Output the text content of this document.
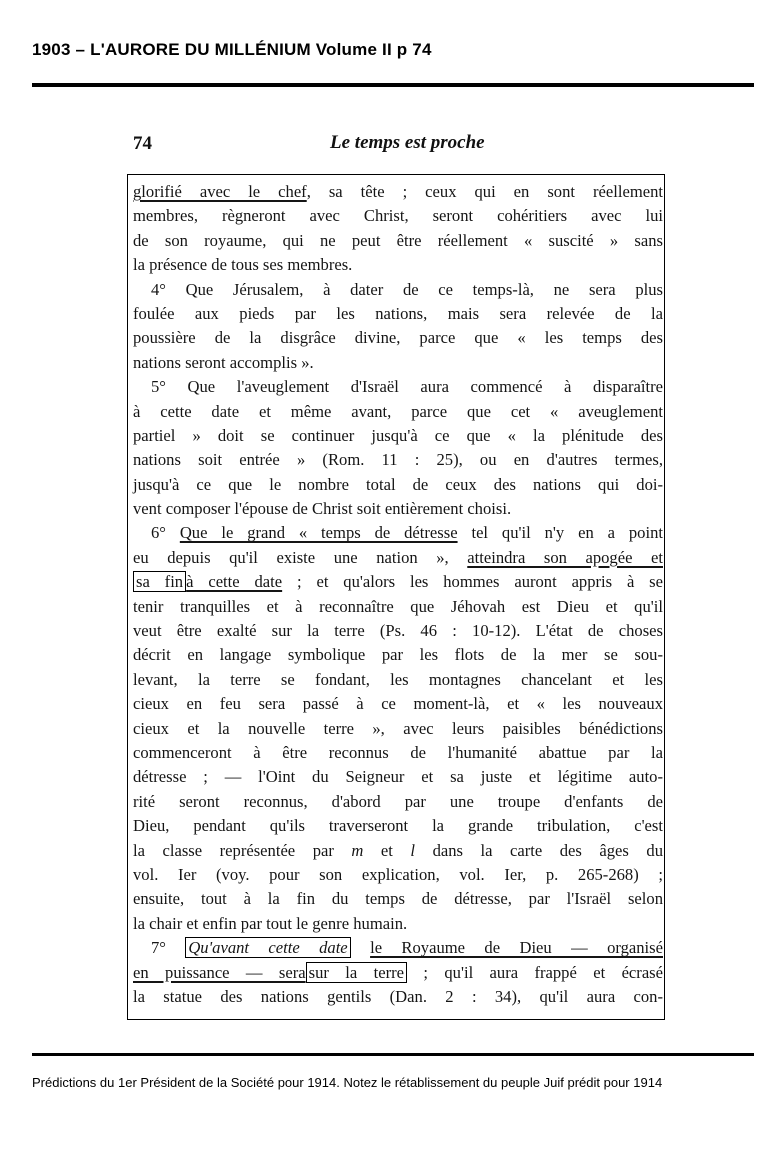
1903 – L'AURORE DU MILLÉNIUM Volume II p 74
74	Le temps est proche
glorifié avec le chef, sa tête ; ceux qui en sont réellement
membres, règneront avec Christ, seront cohéritiers avec lui
de son royaume, qui ne peut être réellement « suscité » sans
la présence de tous ses membres.
4° Que Jérusalem, à dater de ce temps-là, ne sera plus
foulée aux pieds par les nations, mais sera relevée de la
poussière de la disgrâce divine, parce que « les temps des
nations seront accomplis ».
5° Que l'aveuglement d'Israël aura commencé à disparaître
à cette date et même avant, parce que cet « aveuglement
partiel » doit se continuer jusqu'à ce que « la plénitude des
nations soit entrée » (Rom. 11 : 25), ou en d'autres termes,
jusqu'à ce que le nombre total de ceux des nations qui doi-
vent composer l'épouse de Christ soit entièrement choisi.
6° Que le grand « temps de détresse tel qu'il n'y en a point
eu depuis qu'il existe une nation », atteindra son apogée et
sa fin à cette date ; et qu'alors les hommes auront appris à se
tenir tranquilles et à reconnaître que Jéhovah est Dieu et qu'il
veut être exalté sur la terre (Ps. 46 : 10-12). L'état de choses
décrit en langage symbolique par les flots de la mer se sou-
levant, la terre se fondant, les montagnes chancelant et les
cieux en feu sera passé à ce moment-là, et « les nouveaux
cieux et la nouvelle terre », avec leurs paisibles bénédictions
commenceront à être reconnus de l'humanité abattue par la
détresse ; — l'Oint du Seigneur et sa juste et légitime auto-
rité seront reconnus, d'abord par une troupe d'enfants de
Dieu, pendant qu'ils traverseront la grande tribulation, c'est
la classe représentée par m et l dans la carte des âges du
vol. Ier (voy. pour son explication, vol. Ier, p. 265-268) ;
ensuite, tout à la fin du temps de détresse, par l'Israël selon
la chair et enfin par tout le genre humain.
7° Qu'avant cette date le Royaume de Dieu — organisé
en puissance — sera sur la terre ; qu'il aura frappé et écrasé
la statue des nations gentils (Dan. 2 : 34), qu'il aura con-
Prédictions du 1er Président de la Société pour 1914. Notez le rétablissement du peuple Juif prédit pour 1914
